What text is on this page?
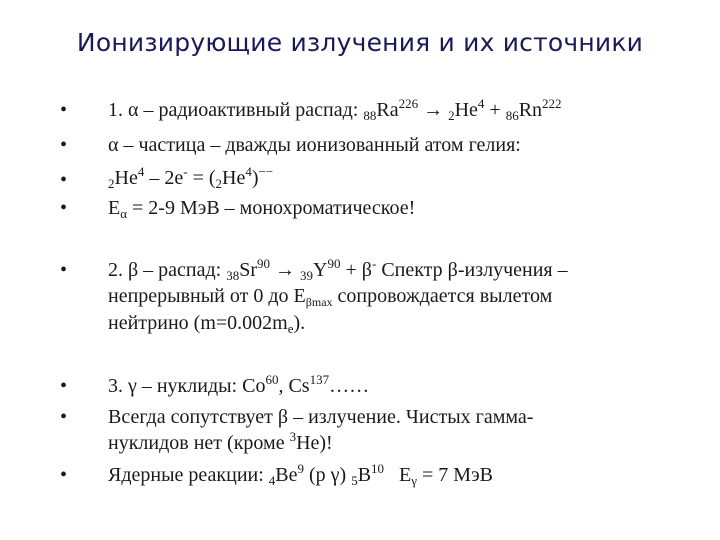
Ионизирующие излучения и их источники
•
•
•
•
•
•
•
•
1. α – радиоактивный распад: $_{88}Ra^{226} \to _2He^4 + _{86}Rn^{222}$
α – частица – дважды ионизованный атом гелия:
$_2He^4 - 2e^- = (_2He^4)^{--}$
$E_\alpha = 2-9$ МэВ – монохроматическое!
2. β – распад: $_{38}Sr^{90} \to _{39}Y^{90} + \beta^-$ Спектр β-излучения –
непрерывный от 0 до $E_{\beta max}$ сопровождается вылетом
нейтрино $(m=0.002m_e)$.
3. γ – нуклиды: Co$^{60}$, Cs$^{137}$……
Всегда сопутствует β – излучение. Чистых гамма-
нуклидов нет (кроме $^3$He)!
Ядерные реакции: $_4Be^9$ (p γ) $_5B^{10}$ $E_\gamma = 7$ МэВ
